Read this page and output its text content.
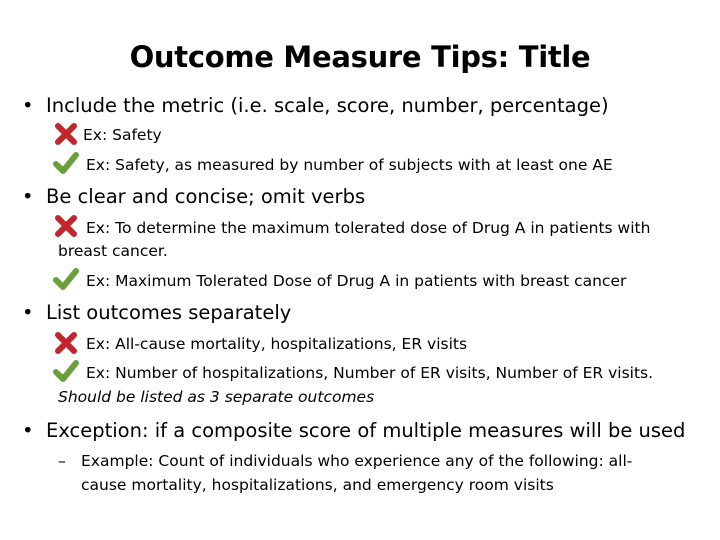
Outcome Measure Tips: Title
• Include the metric (i.e. scale, score, number, percentage)
Ex: Safety
Ex: Safety, as measured by number of subjects with at least one AE
• Be clear and concise; omit verbs
Ex: To determine the maximum tolerated dose of Drug A in patients with
breast cancer.
Ex: Maximum Tolerated Dose of Drug A in patients with breast cancer
• List outcomes separately
Ex: All-cause mortality, hospitalizations, ER visits
Ex: Number of hospitalizations, Number of ER visits, Number of ER visits.
Should be listed as 3 separate outcomes
• Exception: if a composite score of multiple measures will be used
– Example: Count of individuals who experience any of the following: all-
cause mortality, hospitalizations, and emergency room visits
